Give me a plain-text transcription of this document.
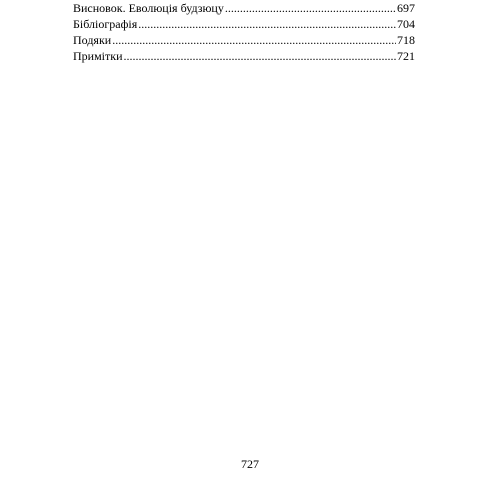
Висновок. Еволюція будзюцу .....	697
Бібліографія .....	704
Подяки .....	718
Примітки .....	721
727
